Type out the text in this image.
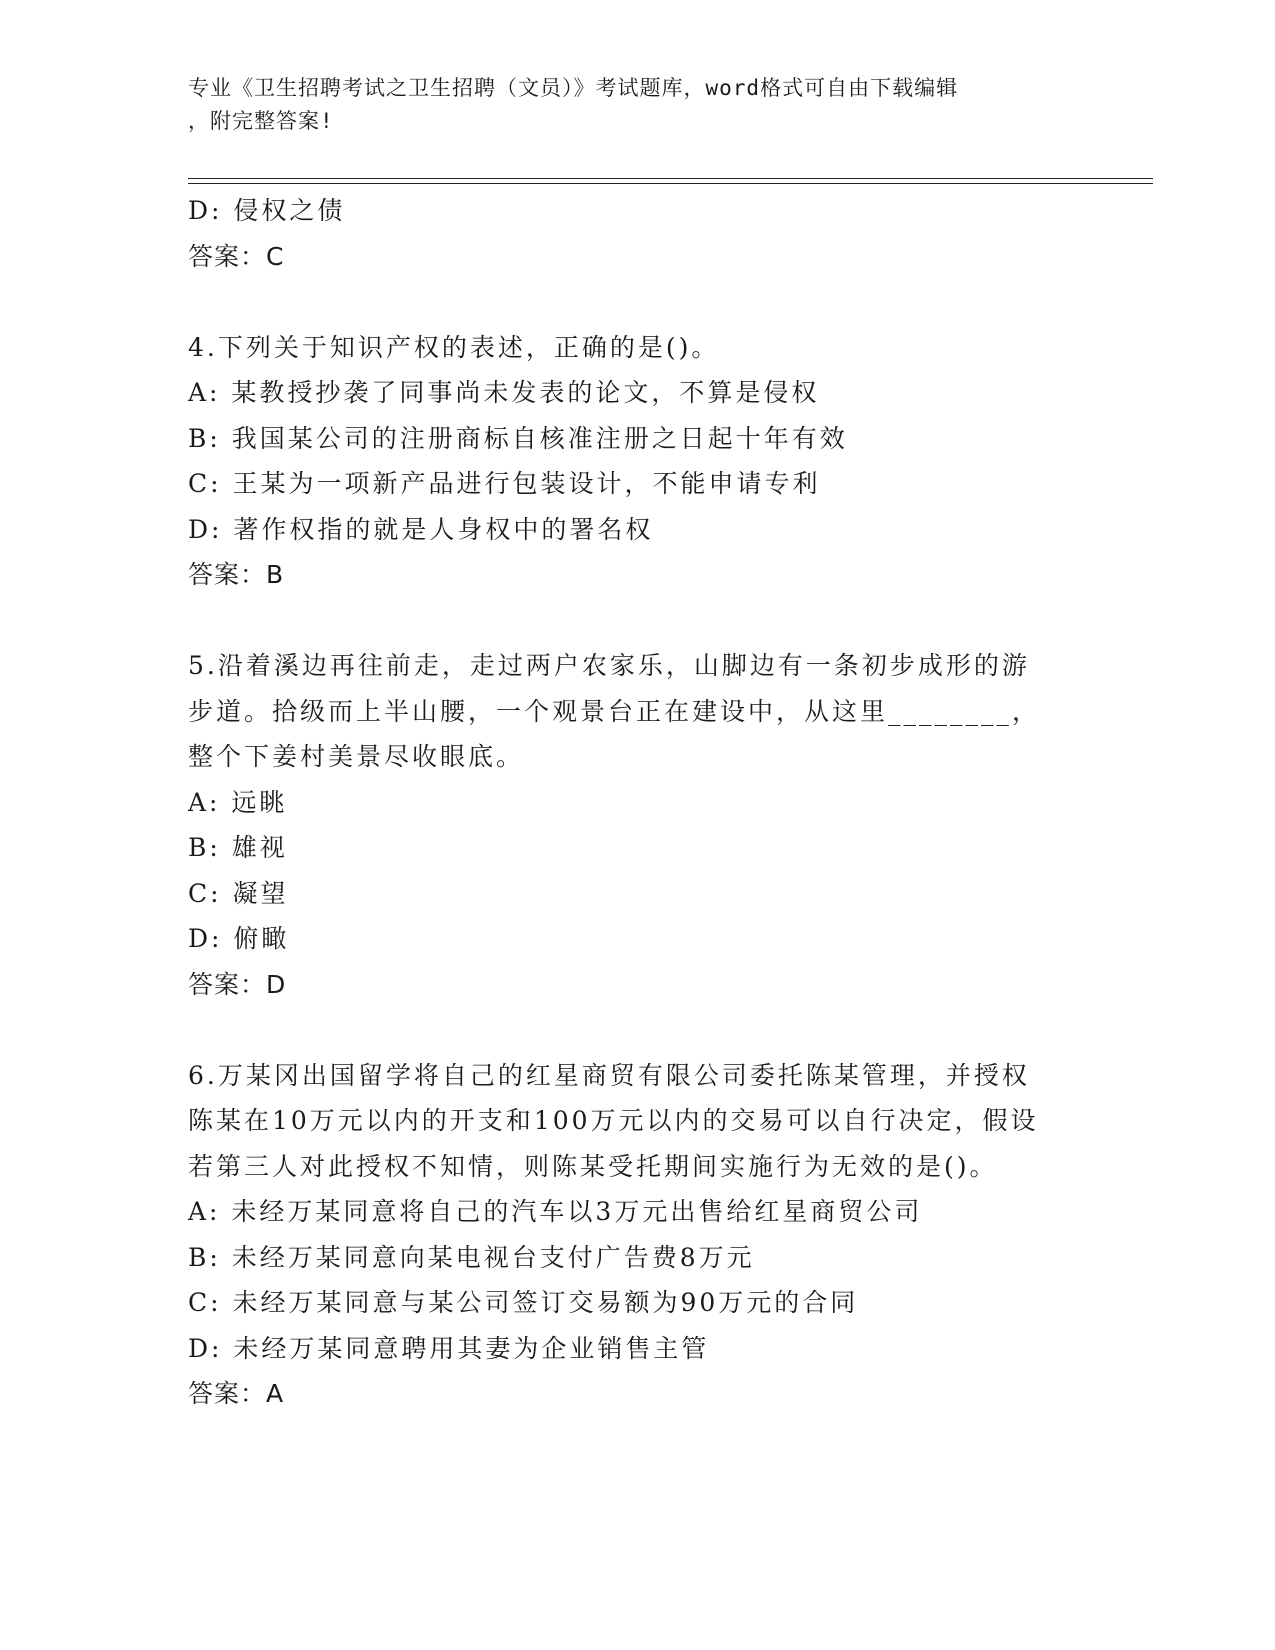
专业《卫生招聘考试之卫生招聘（文员）》考试题库，word格式可自由下载编辑
，附完整答案!
D: 侵权之债
答案：C
4.下列关于知识产权的表述，正确的是()。
A: 某教授抄袭了同事尚未发表的论文，不算是侵权
B: 我国某公司的注册商标自核准注册之日起十年有效
C: 王某为一项新产品进行包装设计，不能申请专利
D: 著作权指的就是人身权中的署名权
答案：B
5.沿着溪边再往前走，走过两户农家乐，山脚边有一条初步成形的游
步道。拾级而上半山腰，一个观景台正在建设中，从这里________，
整个下姜村美景尽收眼底。
A: 远眺
B: 雄视
C: 凝望
D: 俯瞰
答案：D
6.万某冈出国留学将自己的红星商贸有限公司委托陈某管理，并授权
陈某在10万元以内的开支和100万元以内的交易可以自行决定，假设
若第三人对此授权不知情，则陈某受托期间实施行为无效的是()。
A: 未经万某同意将自己的汽车以3万元出售给红星商贸公司
B: 未经万某同意向某电视台支付广告费8万元
C: 未经万某同意与某公司签订交易额为90万元的合同
D: 未经万某同意聘用其妻为企业销售主管
答案：A
